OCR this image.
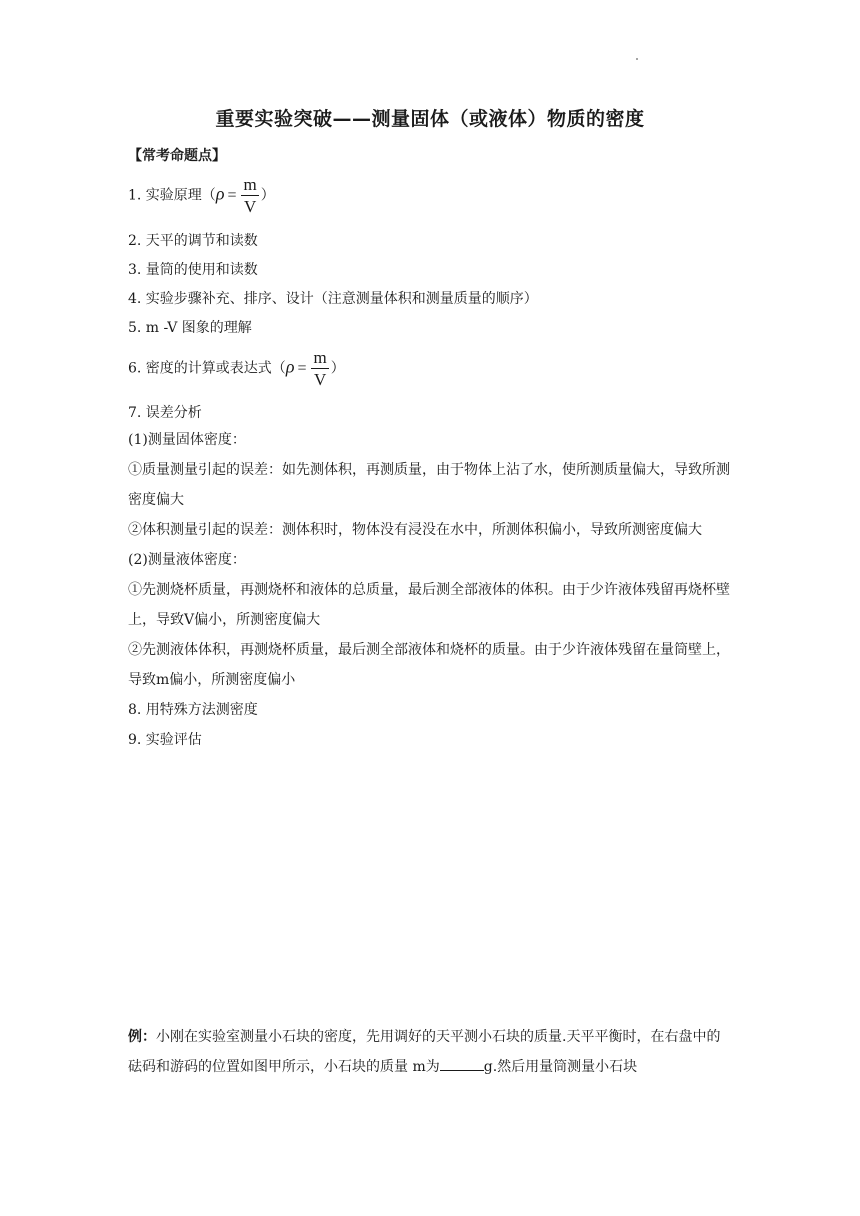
重要实验突破——测量固体（或液体）物质的密度
【常考命题点】
1. 实验原理（$\rho = \frac{m}{V}$ ）
2. 天平的调节和读数
3. 量筒的使用和读数
4. 实验步骤补充、排序、设计（注意测量体积和测量质量的顺序）
5. m -V 图象的理解
6. 密度的计算或表达式（$\rho = \frac{m}{V}$ ）
7. 误差分析
(1)测量固体密度：
①质量测量引起的误差：如先测体积，再测质量，由于物体上沾了水，使所测质量偏大，导致所测密度偏大
②体积测量引起的误差：测体积时，物体没有浸没在水中，所测体积偏小，导致所测密度偏大
(2)测量液体密度：
①先测烧杯质量，再测烧杯和液体的总质量，最后测全部液体的体积。由于少许液体残留再烧杯壁上，导致V偏小，所测密度偏大
②先测液体体积，再测烧杯质量，最后测全部液体和烧杯的质量。由于少许液体残留在量筒壁上，导致m偏小，所测密度偏小
8. 用特殊方法测密度
9. 实验评估
例：小刚在实验室测量小石块的密度，先用调好的天平测小石块的质量.天平平衡时，在右盘中的砝码和游码的位置如图甲所示，小石块的质量 m为	g.然后用量筒测量小石块
